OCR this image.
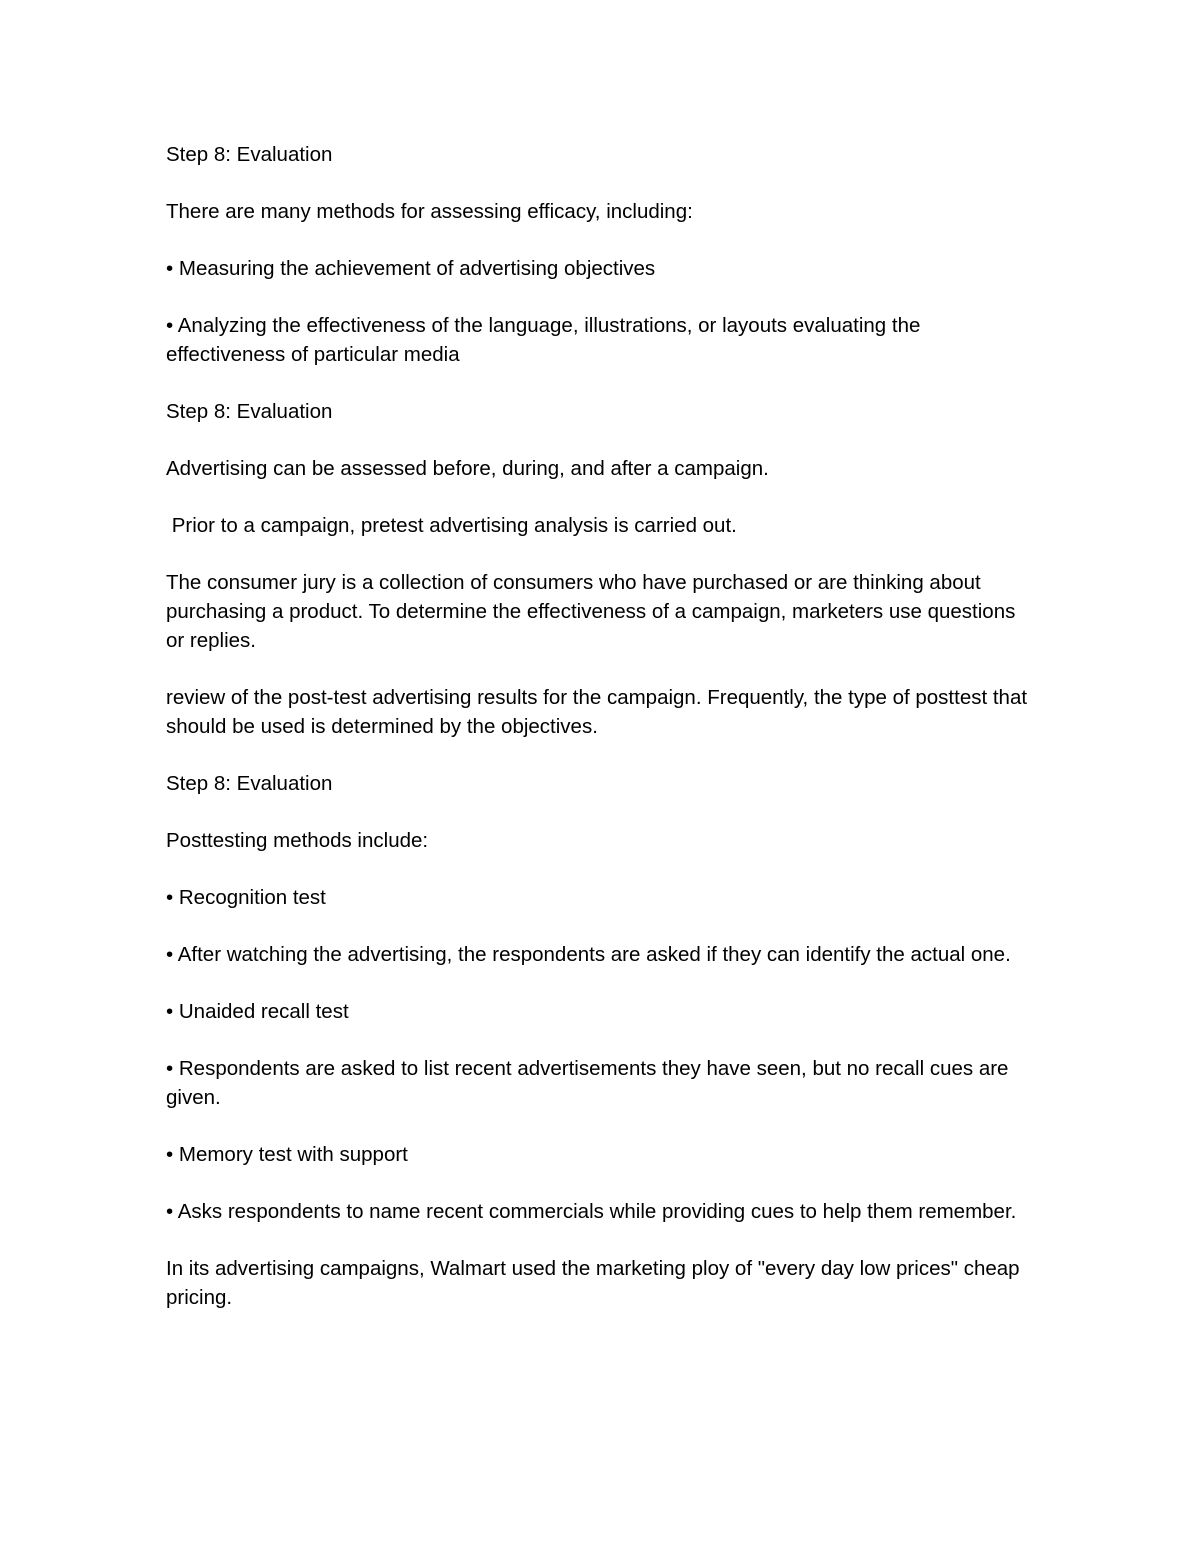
Step 8: Evaluation

There are many methods for assessing efficacy, including:

• Measuring the achievement of advertising objectives

• Analyzing the effectiveness of the language, illustrations, or layouts evaluating the effectiveness of particular media

Step 8: Evaluation

Advertising can be assessed before, during, and after a campaign.

Prior to a campaign, pretest advertising analysis is carried out.

The consumer jury is a collection of consumers who have purchased or are thinking about purchasing a product. To determine the effectiveness of a campaign, marketers use questions or replies.

review of the post-test advertising results for the campaign. Frequently, the type of posttest that should be used is determined by the objectives.

Step 8: Evaluation

Posttesting methods include:

• Recognition test

• After watching the advertising, the respondents are asked if they can identify the actual one.

• Unaided recall test

• Respondents are asked to list recent advertisements they have seen, but no recall cues are given.

• Memory test with support

• Asks respondents to name recent commercials while providing cues to help them remember.

In its advertising campaigns, Walmart used the marketing ploy of "every day low prices" cheap pricing.
